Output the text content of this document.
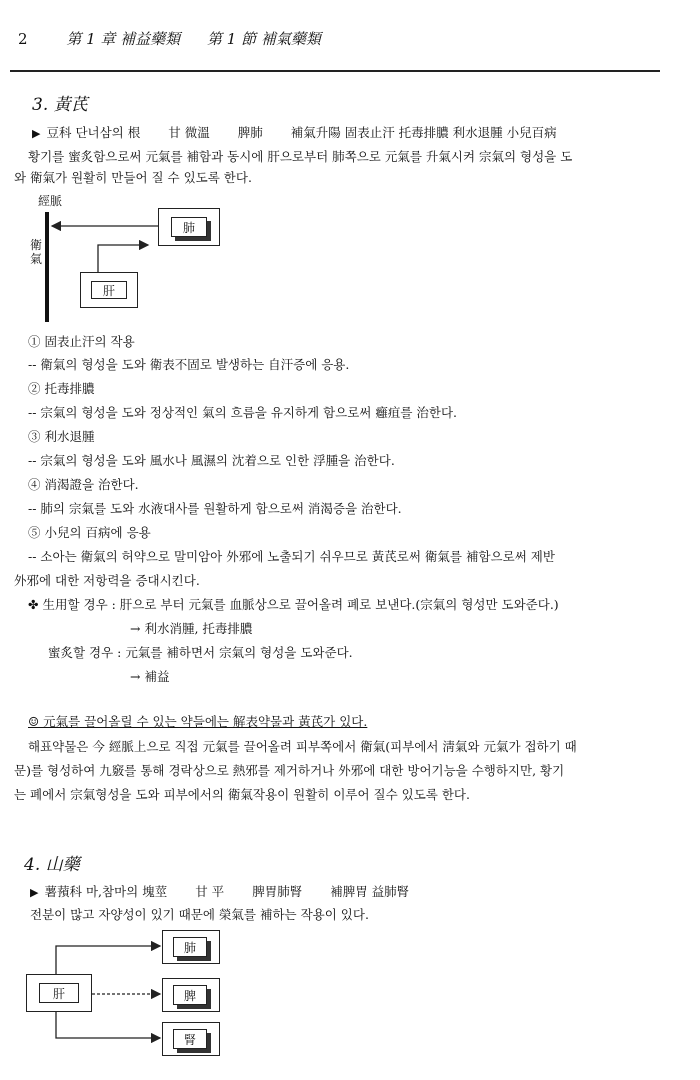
2	第 1 章 補益藥類 第 1 節 補氣藥類
3. 黃芪
▶ 豆科 단너삼의 根 甘 微溫 脾肺 補氣升陽 固表止汗 托毒排膿 利水退腫 小兒百病
황기를 蜜炙함으로써 元氣를 補함과 동시에 肝으로부터 肺쪽으로 元氣를 升氣시켜 宗氣의 형성을 도
와 衛氣가 원활히 만들어 질 수 있도록 한다.
經脈
衛氣
肺
肝
① 固表止汗의 작용
-- 衛氣의 형성을 도와 衛表不固로 발생하는 自汗증에 응용.
② 托毒排膿
-- 宗氣의 형성을 도와 정상적인 氣의 흐름을 유지하게 함으로써 癰疽를 治한다.
③ 利水退腫
-- 宗氣의 형성을 도와 風水나 風濕의 沈着으로 인한 浮腫을 治한다.
④ 消渴證을 治한다.
-- 肺의 宗氣를 도와 水液대사를 원활하게 함으로써 消渴증을 治한다.
⑤ 小兒의 百病에 응용
-- 소아는 衛氣의 허약으로 말미암아 外邪에 노출되기 쉬우므로 黃芪로써 衛氣를 補함으로써 제반
外邪에 대한 저항력을 증대시킨다.
✤ 生用할 경우 : 肝으로 부터 元氣를 血脈상으로 끌어올려 폐로 보낸다.(宗氣의 형성만 도와준다.)
→ 利水消腫, 托毒排膿
蜜炙할 경우 : 元氣를 補하면서 宗氣의 형성을 도와준다.
→ 補益
☺ 元氣를 끌어올릴 수 있는 약들에는 解表약물과 黃芪가 있다.
해표약물은 今 經脈上으로 직접 元氣를 끌어올려 피부쪽에서 衛氣(피부에서 淸氣와 元氣가 접하기 때
문)를 형성하여 九竅를 통해 경락상으로 熱邪를 제거하거나 外邪에 대한 방어기능을 수행하지만, 황기
는 폐에서 宗氣형성을 도와 피부에서의 衛氣작용이 원활히 이루어 질수 있도록 한다.
4. 山藥
▶ 薯蕷科 마,참마의 塊莖 甘 平 脾胃肺腎 補脾胃 益肺腎
전분이 많고 자양성이 있기 때문에 榮氣를 補하는 작용이 있다.
肝
肺
脾
腎
